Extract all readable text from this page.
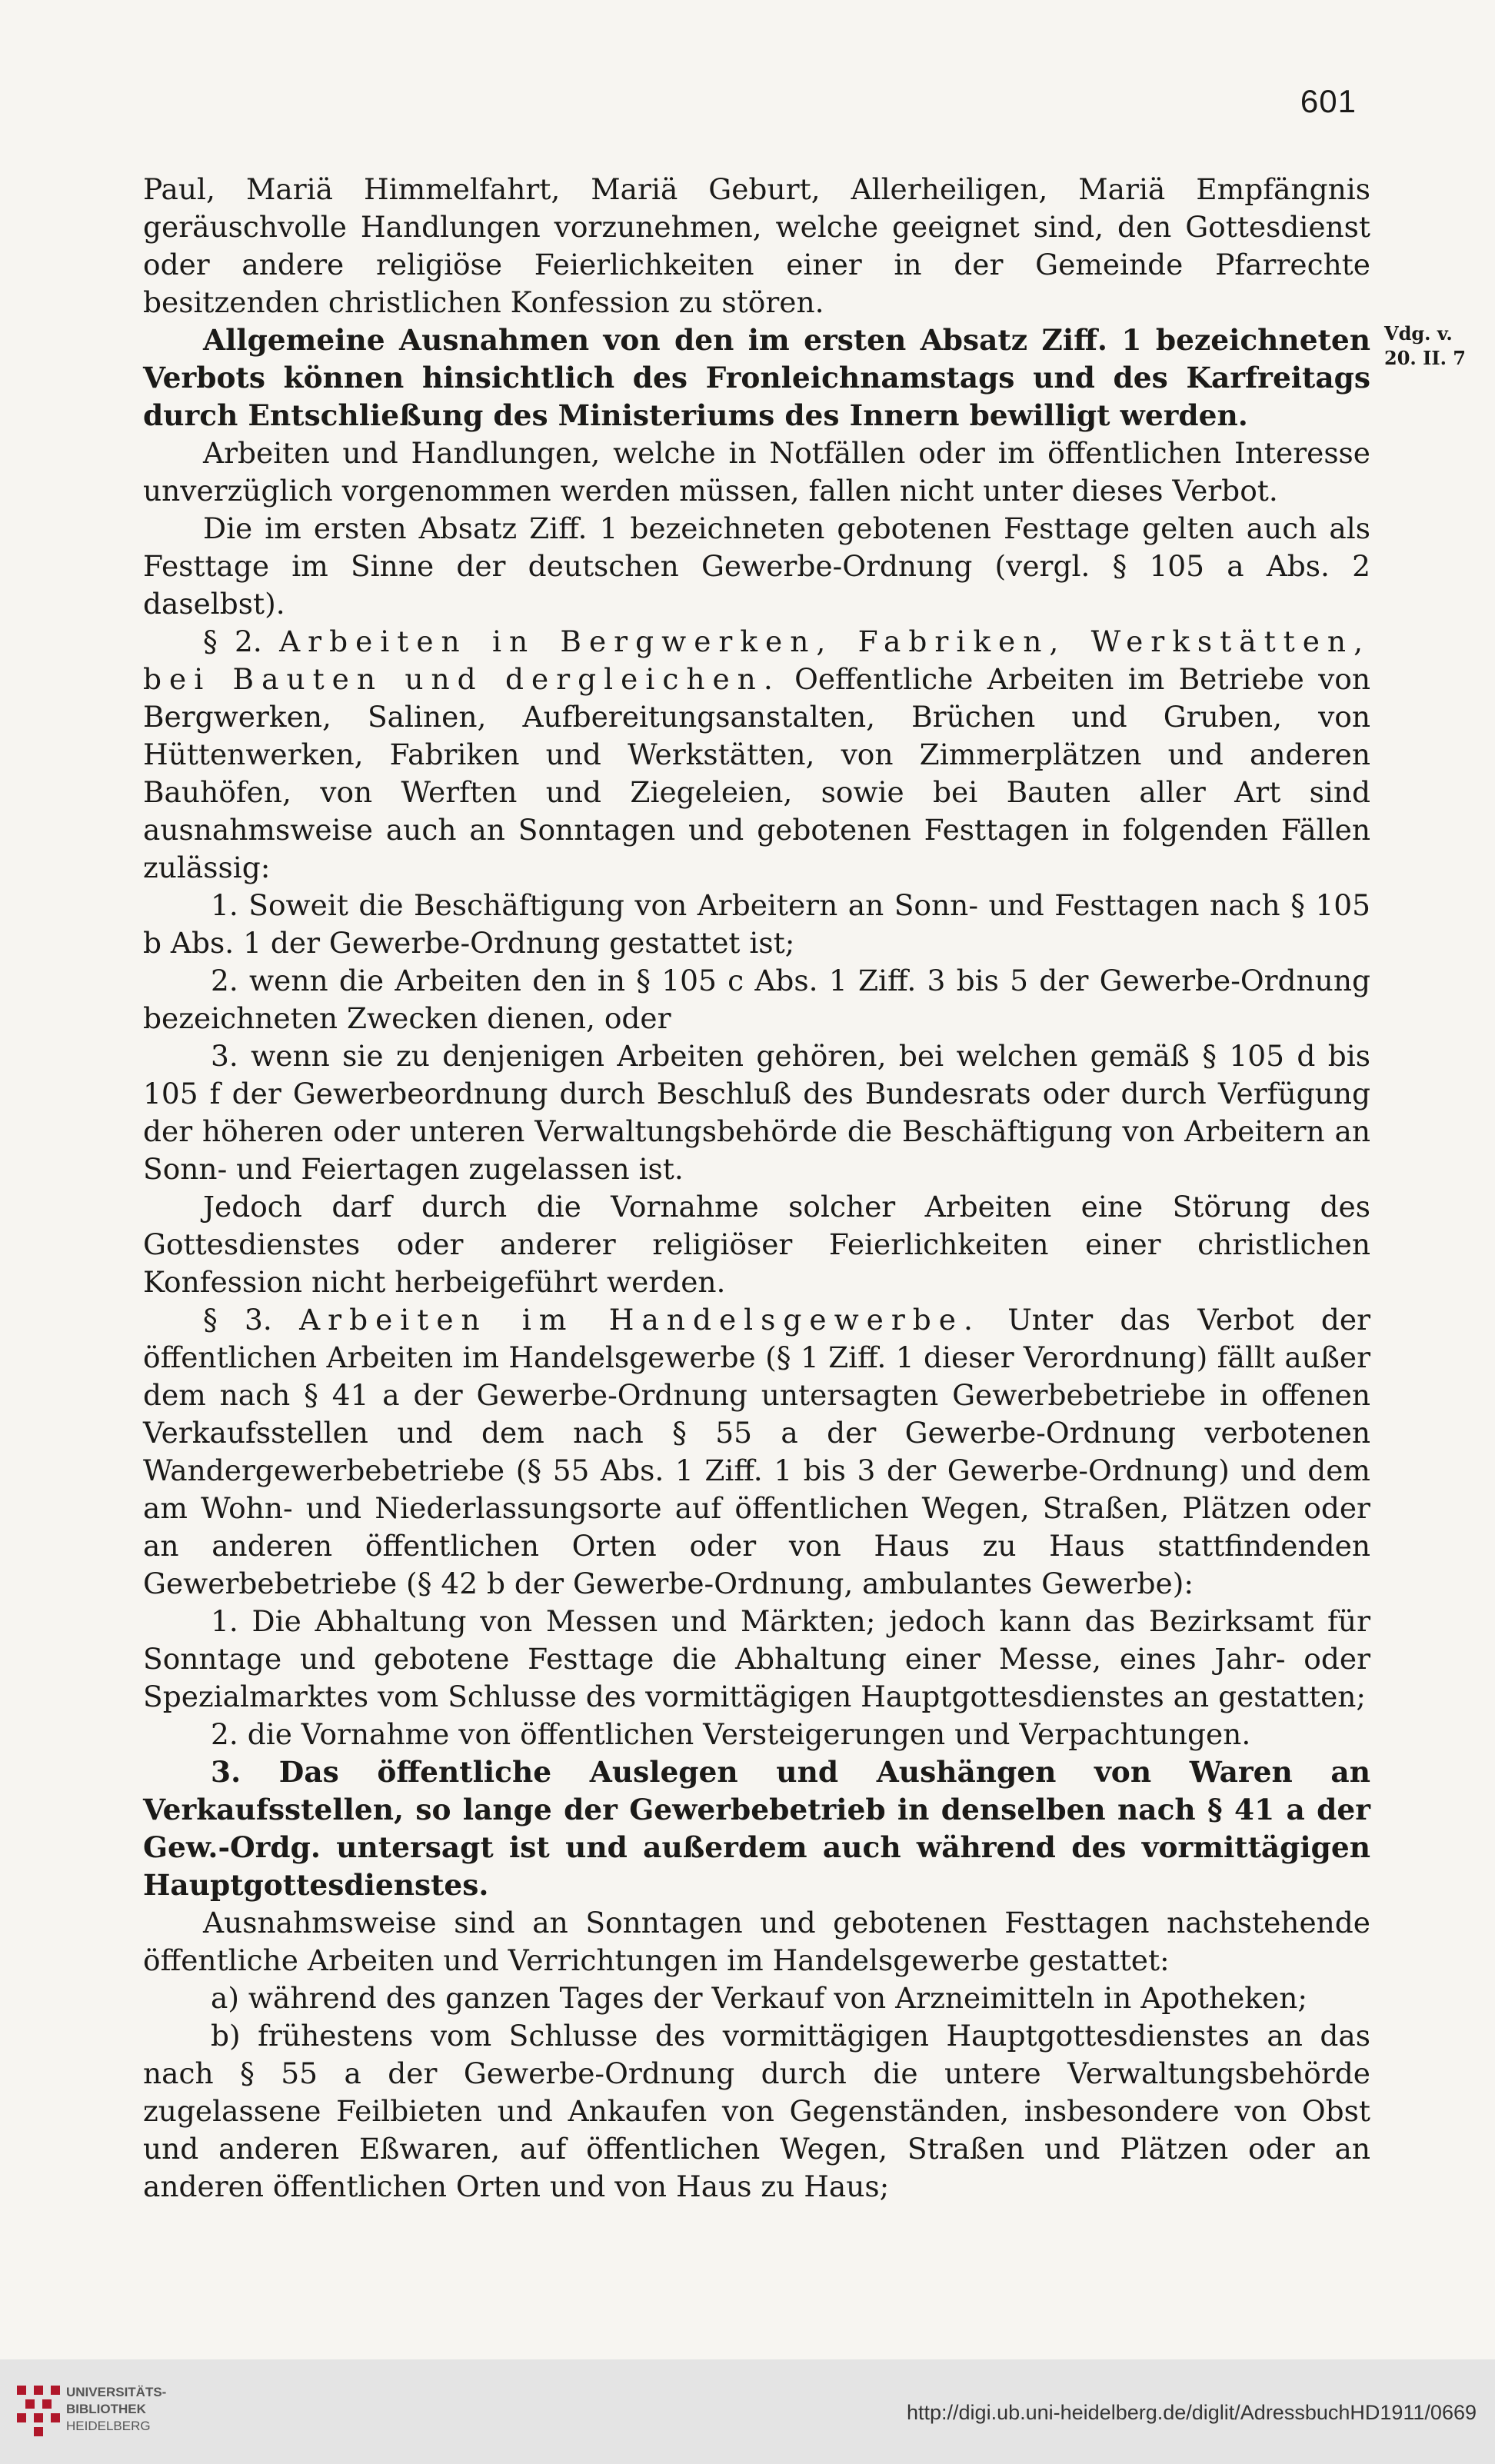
601
Vdg. v. 20. II. 7

Paul, Mariä Himmelfahrt, Mariä Geburt, Allerheiligen, Mariä Empfängnis geräuschvolle Handlungen vorzunehmen, welche geeignet sind, den Gottesdienst oder andere religiöse Feierlichkeiten einer in der Gemeinde Pfarrechte besitzenden christlichen Konfession zu stören.

Allgemeine Ausnahmen von den im ersten Absatz Ziff. 1 bezeichneten Verbots können hinsichtlich des Fronleichnamstags und des Karfreitags durch Entschließung des Ministeriums des Innern bewilligt werden.

Arbeiten und Handlungen, welche in Notfällen oder im öffentlichen Interesse unverzüglich vorgenommen werden müssen, fallen nicht unter dieses Verbot.

Die im ersten Absatz Ziff. 1 bezeichneten gebotenen Festtage gelten auch als Festtage im Sinne der deutschen Gewerbe-Ordnung (vergl. § 105 a Abs. 2 daselbst).

§ 2. Arbeiten in Bergwerken, Fabriken, Werkstätten, bei Bauten und dergleichen. Oeffentliche Arbeiten im Betriebe von Bergwerken, Salinen, Aufbereitungsanstalten, Brüchen und Gruben, von Hüttenwerken, Fabriken und Werkstätten, von Zimmerplätzen und anderen Bauhöfen, von Werften und Ziegeleien, sowie bei Bauten aller Art sind ausnahmsweise auch an Sonntagen und gebotenen Festtagen in folgenden Fällen zulässig:

1. Soweit die Beschäftigung von Arbeitern an Sonn- und Festtagen nach § 105 b Abs. 1 der Gewerbe-Ordnung gestattet ist;

2. wenn die Arbeiten den in § 105 c Abs. 1 Ziff. 3 bis 5 der Gewerbe-Ordnung bezeichneten Zwecken dienen, oder

3. wenn sie zu denjenigen Arbeiten gehören, bei welchen gemäß § 105 d bis 105 f der Gewerbeordnung durch Beschluß des Bundesrats oder durch Verfügung der höheren oder unteren Verwaltungsbehörde die Beschäftigung von Arbeitern an Sonn- und Feiertagen zugelassen ist.

Jedoch darf durch die Vornahme solcher Arbeiten eine Störung des Gottesdienstes oder anderer religiöser Feierlichkeiten einer christlichen Konfession nicht herbeigeführt werden.

§ 3. Arbeiten im Handelsgewerbe. Unter das Verbot der öffentlichen Arbeiten im Handelsgewerbe (§ 1 Ziff. 1 dieser Verordnung) fällt außer dem nach § 41 a der Gewerbe-Ordnung untersagten Gewerbebetriebe in offenen Verkaufsstellen und dem nach § 55 a der Gewerbe-Ordnung verbotenen Wandergewerbebetriebe (§ 55 Abs. 1 Ziff. 1 bis 3 der Gewerbe-Ordnung) und dem am Wohn- und Niederlassungsorte auf öffentlichen Wegen, Straßen, Plätzen oder an anderen öffentlichen Orten oder von Haus zu Haus stattfindenden Gewerbebetriebe (§ 42 b der Gewerbe-Ordnung, ambulantes Gewerbe):

1. Die Abhaltung von Messen und Märkten; jedoch kann das Bezirksamt für Sonntage und gebotene Festtage die Abhaltung einer Messe, eines Jahr- oder Spezialmarktes vom Schlusse des vormittägigen Hauptgottesdienstes an gestatten;

2. die Vornahme von öffentlichen Versteigerungen und Verpachtungen.

3. Das öffentliche Auslegen und Aushängen von Waren an Verkaufsstellen, so lange der Gewerbebetrieb in denselben nach § 41 a der Gew.-Ordg. untersagt ist und außerdem auch während des vormittägigen Hauptgottesdienstes.

Ausnahmsweise sind an Sonntagen und gebotenen Festtagen nachstehende öffentliche Arbeiten und Verrichtungen im Handelsgewerbe gestattet:

a) während des ganzen Tages der Verkauf von Arzneimitteln in Apotheken;

b) frühestens vom Schlusse des vormittägigen Hauptgottesdienstes an das nach § 55 a der Gewerbe-Ordnung durch die untere Verwaltungsbehörde zugelassene Feilbieten und Ankaufen von Gegenständen, insbesondere von Obst und anderen Eßwaren, auf öffentlichen Wegen, Straßen und Plätzen oder an anderen öffentlichen Orten und von Haus zu Haus;

UNIVERSITÄTS-
BIBLIOTHEK
HEIDELBERG
http://digi.ub.uni-heidelberg.de/diglit/AdressbuchHD1911/0669
